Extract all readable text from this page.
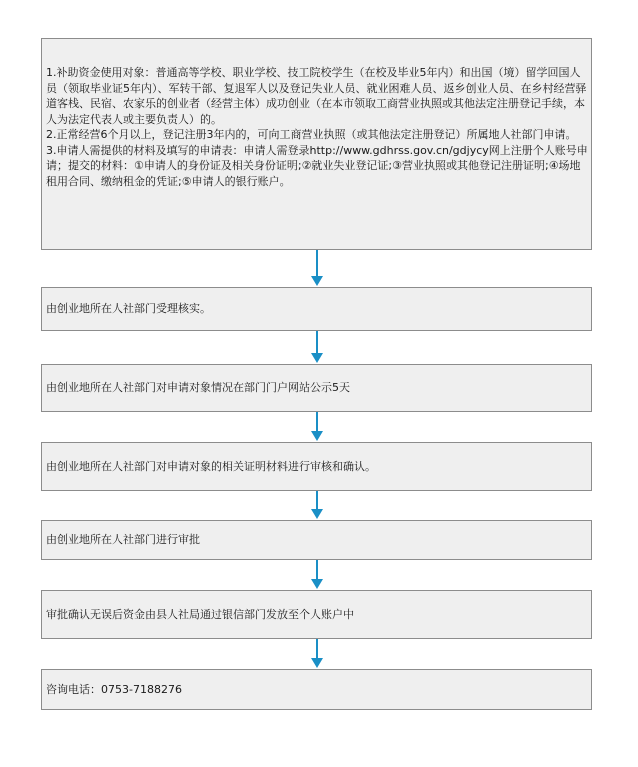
1.补助资金使用对象：普通高等学校、职业学校、技工院校学生（在校及毕业5年内）和出国（境）留学回国人员（领取毕业证5年内）、军转干部、复退军人以及登记失业人员、就业困难人员、返乡创业人员、在乡村经营驿道客栈、民宿、农家乐的创业者（经营主体）成功创业（在本市领取工商营业执照或其他法定注册登记手续，本人为法定代表人或主要负责人）的。
2.正常经营6个月以上，登记注册3年内的，可向工商营业执照（或其他法定注册登记）所属地人社部门申请。
3.申请人需提供的材料及填写的申请表：申请人需登录http://www.gdhrss.gov.cn/gdjycy网上注册个人账号申请；提交的材料：①申请人的身份证及相关身份证明;②就业失业登记证;③营业执照或其他登记注册证明;④场地租用合同、缴纳租金的凭证;⑤申请人的银行账户。
由创业地所在人社部门受理核实。
由创业地所在人社部门对申请对象情况在部门门户网站公示5天
由创业地所在人社部门对申请对象的相关证明材料进行审核和确认。
由创业地所在人社部门进行审批
审批确认无误后资金由县人社局通过银信部门发放至个人账户中
咨询电话：0753-7188276
